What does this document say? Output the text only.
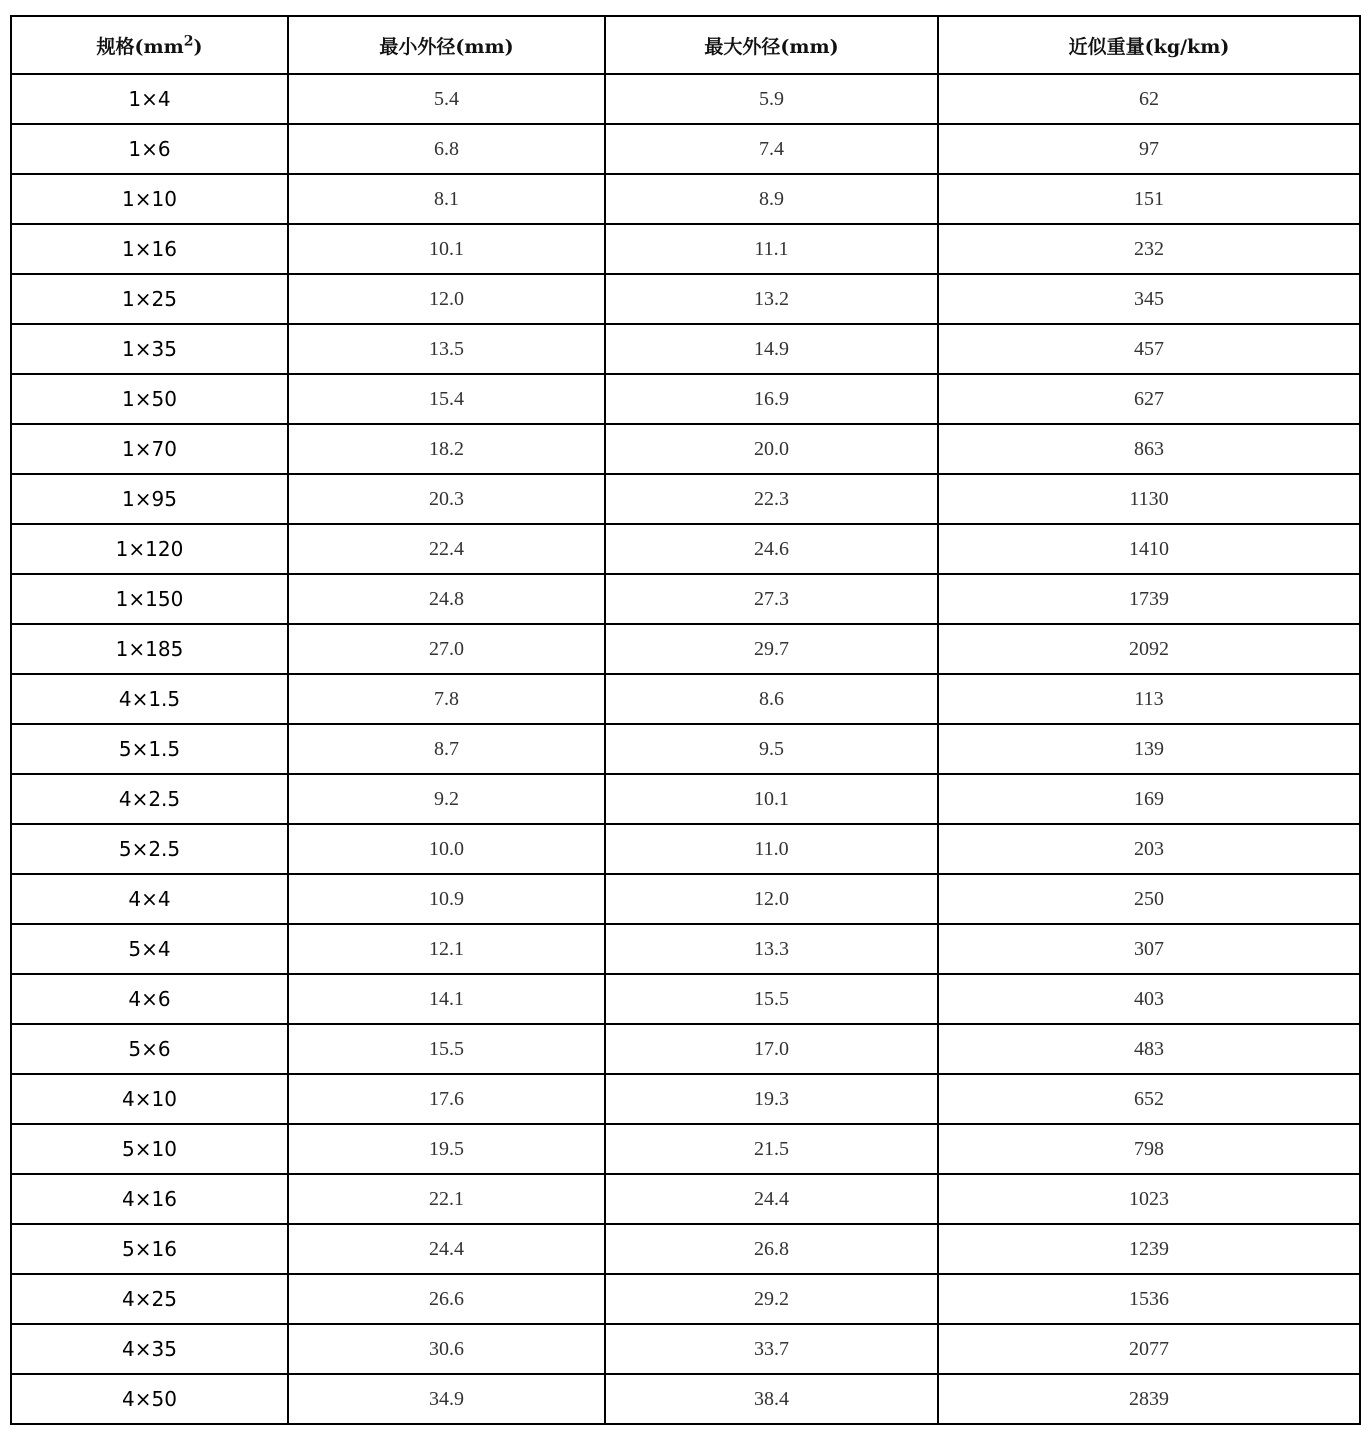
规格$(mm^2)$	最小外径(mm)	最大外径(mm)	近似重量(kg/km)
1×4	5.4	5.9	62
1×6	6.8	7.4	97
1×10	8.1	8.9	151
1×16	10.1	11.1	232
1×25	12.0	13.2	345
1×35	13.5	14.9	457
1×50	15.4	16.9	627
1×70	18.2	20.0	863
1×95	20.3	22.3	1130
1×120	22.4	24.6	1410
1×150	24.8	27.3	1739
1×185	27.0	29.7	2092
4×1.5	7.8	8.6	113
5×1.5	8.7	9.5	139
4×2.5	9.2	10.1	169
5×2.5	10.0	11.0	203
4×4	10.9	12.0	250
5×4	12.1	13.3	307
4×6	14.1	15.5	403
5×6	15.5	17.0	483
4×10	17.6	19.3	652
5×10	19.5	21.5	798
4×16	22.1	24.4	1023
5×16	24.4	26.8	1239
4×25	26.6	29.2	1536
4×35	30.6	33.7	2077
4×50	34.9	38.4	2839
